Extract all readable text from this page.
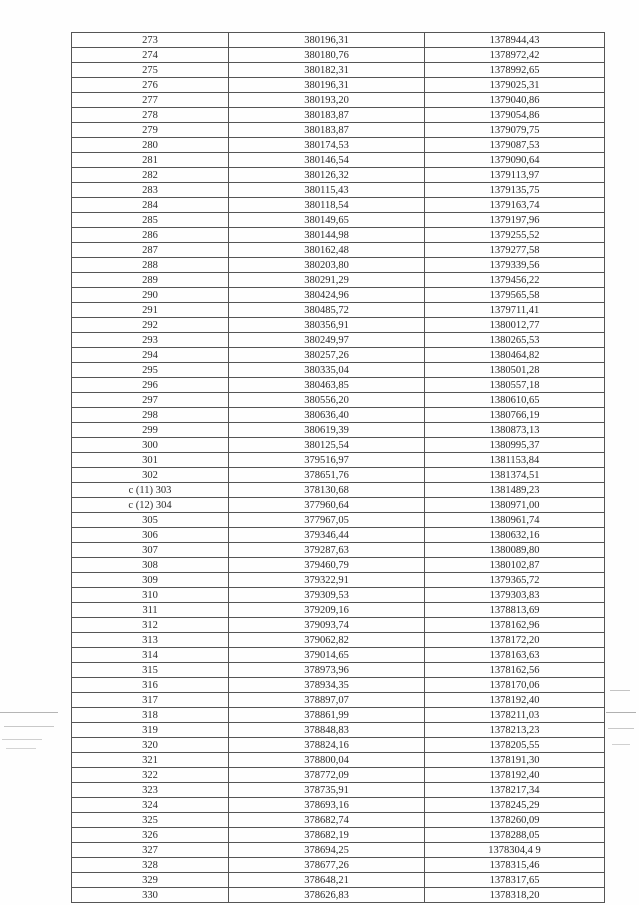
273	380196,31	1378944,43
274	380180,76	1378972,42
275	380182,31	1378992,65
276	380196,31	1379025,31
277	380193,20	1379040,86
278	380183,87	1379054,86
279	380183,87	1379079,75
280	380174,53	1379087,53
281	380146,54	1379090,64
282	380126,32	1379113,97
283	380115,43	1379135,75
284	380118,54	1379163,74
285	380149,65	1379197,96
286	380144,98	1379255,52
287	380162,48	1379277,58
288	380203,80	1379339,56
289	380291,29	1379456,22
290	380424,96	1379565,58
291	380485,72	1379711,41
292	380356,91	1380012,77
293	380249,97	1380265,53
294	380257,26	1380464,82
295	380335,04	1380501,28
296	380463,85	1380557,18
297	380556,20	1380610,65
298	380636,40	1380766,19
299	380619,39	1380873,13
300	380125,54	1380995,37
301	379516,97	1381153,84
302	378651,76	1381374,51
c (11) 303	378130,68	1381489,23
c (12) 304	377960,64	1380971,00
305	377967,05	1380961,74
306	379346,44	1380632,16
307	379287,63	1380089,80
308	379460,79	1380102,87
309	379322,91	1379365,72
310	379309,53	1379303,83
311	379209,16	1378813,69
312	379093,74	1378162,96
313	379062,82	1378172,20
314	379014,65	1378163,63
315	378973,96	1378162,56
316	378934,35	1378170,06
317	378897,07	1378192,40
318	378861,99	1378211,03
319	378848,83	1378213,23
320	378824,16	1378205,55
321	378800,04	1378191,30
322	378772,09	1378192,40
323	378735,91	1378217,34
324	378693,16	1378245,29
325	378682,74	1378260,09
326	378682,19	1378288,05
327	378694,25	1378304,4 9
328	378677,26	1378315,46
329	378648,21	1378317,65
330	378626,83	1378318,20
